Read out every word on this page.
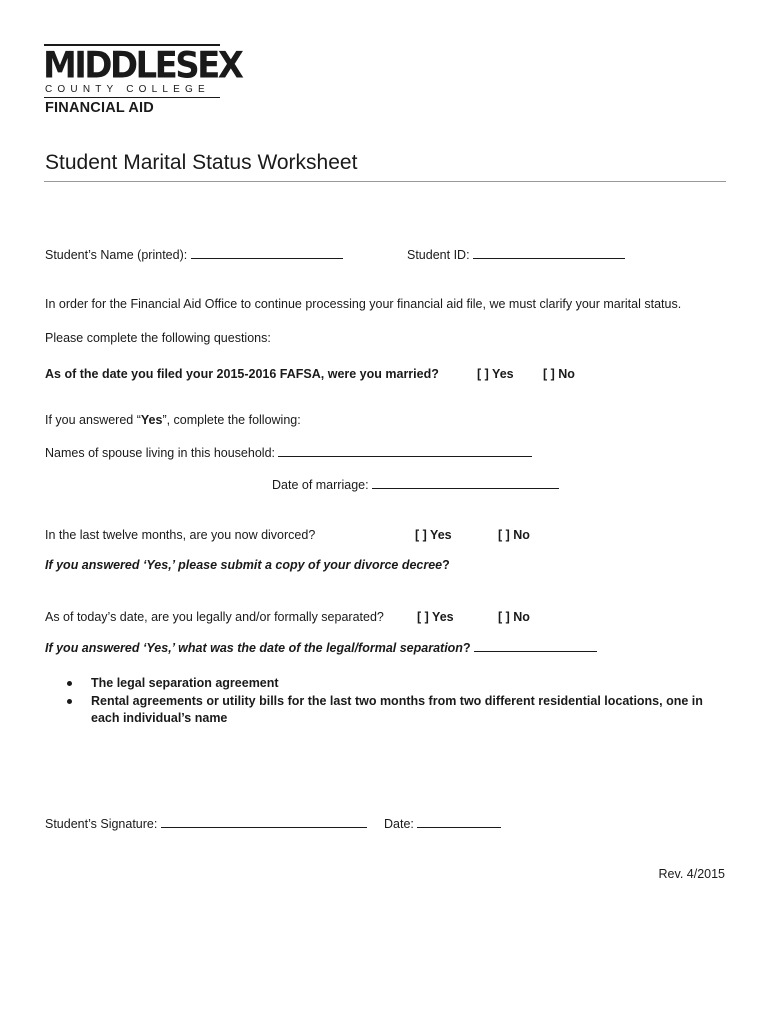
MIDDLESEX
COUNTY COLLEGE
FINANCIAL AID
Student Marital Status Worksheet
Student’s Name (printed):	Student ID:
In order for the Financial Aid Office to continue processing your financial aid file, we must clarify your marital status.
Please complete the following questions:
As of the date you filed your 2015-2016 FAFSA, were you married?	[ ] Yes [ ] No
If you answered “Yes”, complete the following:
Names of spouse living in this household:
Date of marriage:
In the last twelve months, are you now divorced?	[ ] Yes	[ ] No
If you answered ‘Yes,’ please submit a copy of your divorce decree?
As of today’s date, are you legally and/or formally separated?	[ ] Yes	[ ] No
If you answered ‘Yes,’ what was the date of the legal/formal separation?
The legal separation agreement
Rental agreements or utility bills for the last two months from two different residential locations, one in each individual’s name
Student’s Signature:	Date:
Rev. 4/2015
